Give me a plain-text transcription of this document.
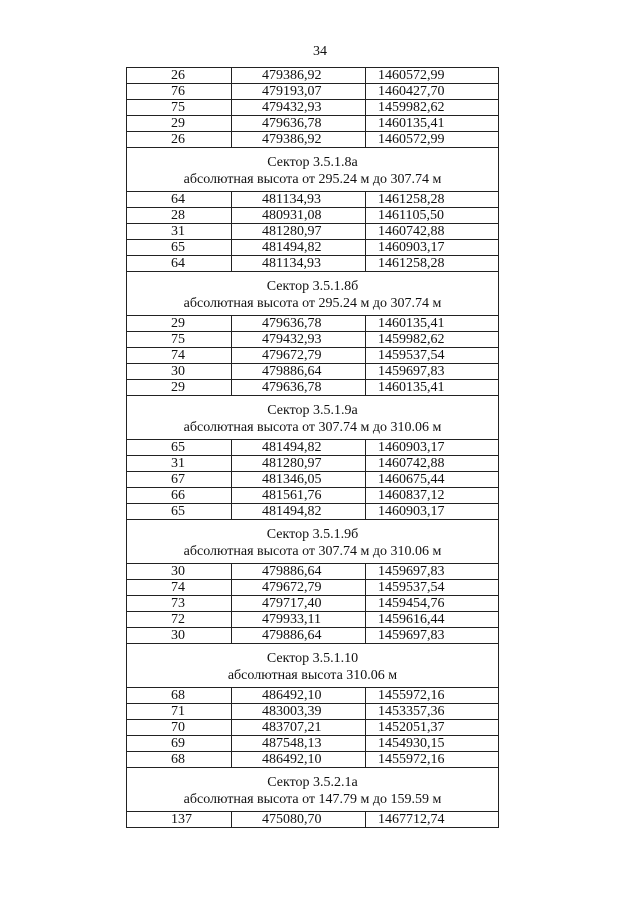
34
26	479386,92	1460572,99
76	479193,07	1460427,70
75	479432,93	1459982,62
29	479636,78	1460135,41
26	479386,92	1460572,99

Сектор 3.5.1.8а
абсолютная высота от 295.24 м до 307.74 м		

64	481134,93	1461258,28
28	480931,08	1461105,50
31	481280,97	1460742,88
65	481494,82	1460903,17
64	481134,93	1461258,28

Сектор 3.5.1.8б
абсолютная высота от 295.24 м до 307.74 м		

29	479636,78	1460135,41
75	479432,93	1459982,62
74	479672,79	1459537,54
30	479886,64	1459697,83
29	479636,78	1460135,41

Сектор 3.5.1.9а
абсолютная высота от 307.74 м до 310.06 м		

65	481494,82	1460903,17
31	481280,97	1460742,88
67	481346,05	1460675,44
66	481561,76	1460837,12
65	481494,82	1460903,17

Сектор 3.5.1.9б
абсолютная высота от 307.74 м до 310.06 м		

30	479886,64	1459697,83
74	479672,79	1459537,54
73	479717,40	1459454,76
72	479933,11	1459616,44
30	479886,64	1459697,83

Сектор 3.5.1.10
абсолютная высота 310.06 м		

68	486492,10	1455972,16
71	483003,39	1453357,36
70	483707,21	1452051,37
69	487548,13	1454930,15
68	486492,10	1455972,16

Сектор 3.5.2.1а
абсолютная высота от 147.79 м до 159.59 м		

137	475080,70	1467712,74
